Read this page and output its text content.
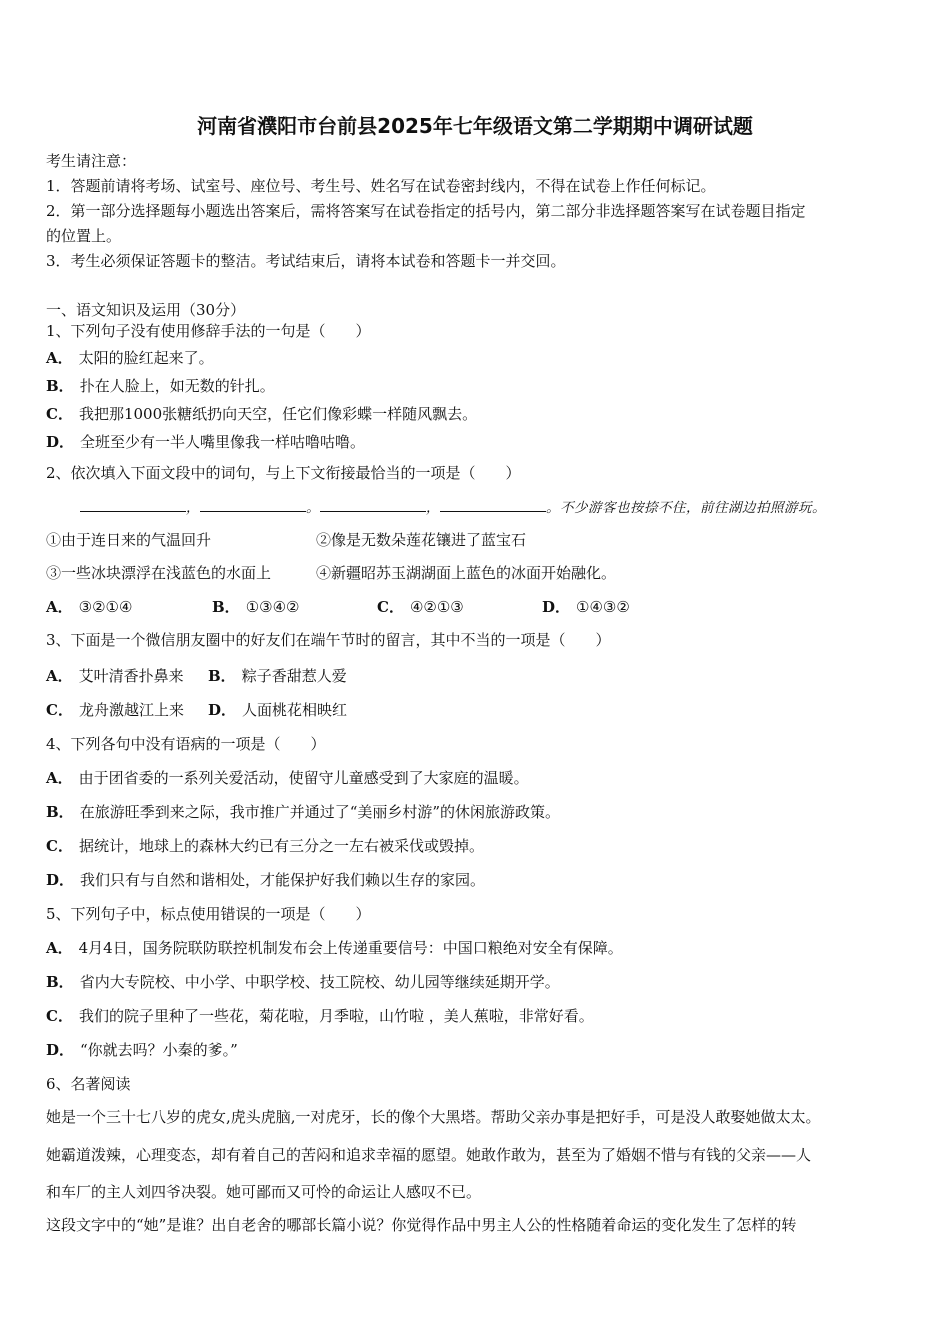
河南省濮阳市台前县2025年七年级语文第二学期期中调研试题
考生请注意：
1．答题前请将考场、试室号、座位号、考生号、姓名写在试卷密封线内，不得在试卷上作任何标记。
2．第一部分选择题每小题选出答案后，需将答案写在试卷指定的括号内，第二部分非选择题答案写在试卷题目指定
的位置上。
3．考生必须保证答题卡的整洁。考试结束后，请将本试卷和答题卡一并交回。
一、语文知识及运用（30分）
1、下列句子没有使用修辞手法的一句是（　　）
A． 太阳的脸红起来了。
B． 扑在人脸上，如无数的针扎。
C． 我把那1000张糖纸扔向天空，任它们像彩蝶一样随风飘去。
D． 全班至少有一半人嘴里像我一样咕噜咕噜。
2、依次填入下面文段中的词句，与上下文衔接最恰当的一项是（　　）
，	。	，	。不少游客也按捺不住，前往湖边拍照游玩。
①由于连日来的气温回升	②像是无数朵莲花镶进了蓝宝石
③一些冰块漂浮在浅蓝色的水面上	④新疆昭苏玉湖湖面上蓝色的冰面开始融化。
A． ③②①④	B． ①③④②	C． ④②①③	D． ①④③②
3、下面是一个微信朋友圈中的好友们在端午节时的留言，其中不当的一项是（　　）
A． 艾叶清香扑鼻来 B． 粽子香甜惹人爱
C． 龙舟激越江上来 D． 人面桃花相映红
4、下列各句中没有语病的一项是（　　）
A． 由于团省委的一系列关爱活动，使留守儿童感受到了大家庭的温暖。
B． 在旅游旺季到来之际，我市推广并通过了“美丽乡村游”的休闲旅游政策。
C． 据统计，地球上的森林大约已有三分之一左右被采伐或毁掉。
D． 我们只有与自然和谐相处，才能保护好我们赖以生存的家园。
5、下列句子中，标点使用错误的一项是（　　）
A． 4月4日，国务院联防联控机制发布会上传递重要信号：中国口粮绝对安全有保障。
B． 省内大专院校、中小学、中职学校、技工院校、幼儿园等继续延期开学。
C． 我们的院子里种了一些花，菊花啦，月季啦，山竹啦 ，美人蕉啦，非常好看。
D． “你就去吗？小秦的爹。”
6、名著阅读
她是一个三十七八岁的虎女,虎头虎脑,一对虎牙，长的像个大黑塔。帮助父亲办事是把好手，可是没人敢娶她做太太。
她霸道泼辣，心理变态，却有着自己的苦闷和追求幸福的愿望。她敢作敢为，甚至为了婚姻不惜与有钱的父亲——人
和车厂的主人刘四爷决裂。她可鄙而又可怜的命运让人感叹不已。
这段文字中的“她”是谁？出自老舍的哪部长篇小说？你觉得作品中男主人公的性格随着命运的变化发生了怎样的转
